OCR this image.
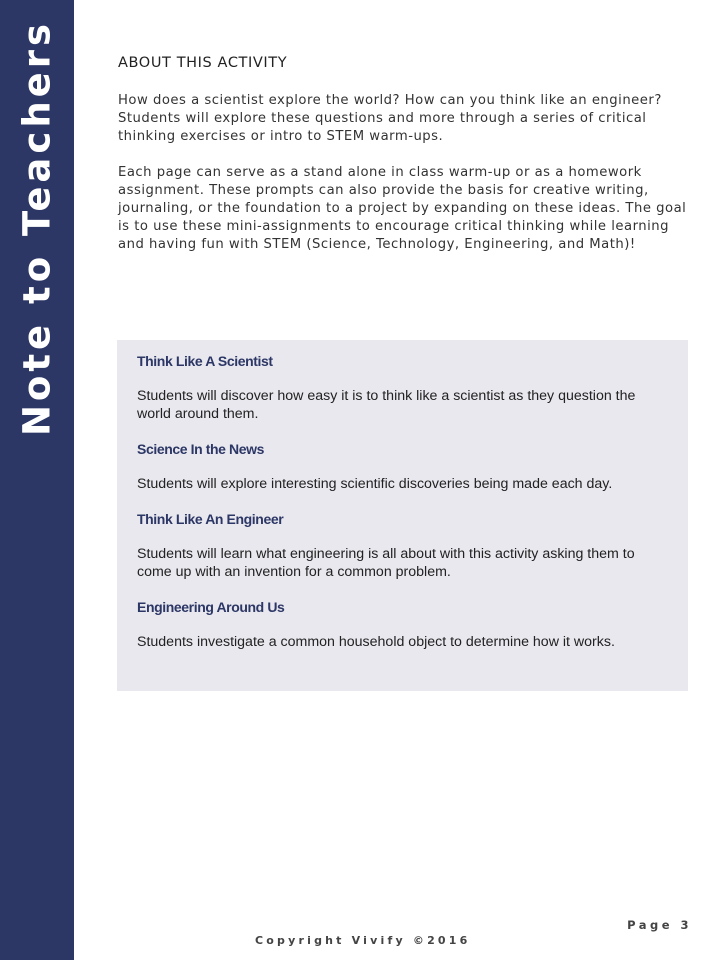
Note to Teachers	ABOUT THIS ACTIVITY

How does a scientist explore the world? How can you think like an engineer? Students will explore these questions and more through a series of critical thinking exercises or intro to STEM warm-ups.

Each page can serve as a stand alone in class warm-up or as a homework assignment. These prompts can also provide the basis for creative writing, journaling, or the foundation to a project by expanding on these ideas. The goal is to use these mini-assignments to encourage critical thinking while learning and having fun with STEM (Science, Technology, Engineering, and Math)!

Think Like A Scientist

Students will discover how easy it is to think like a scientist as they question the world around them.

Science In the News

Students will explore interesting scientific discoveries being made each day.

Think Like An Engineer

Students will learn what engineering is all about with this activity asking them to come up with an invention for a common problem.

Engineering Around Us

Students investigate a common household object to determine how it works.

Page 3
Copyright Vivify ©2016
